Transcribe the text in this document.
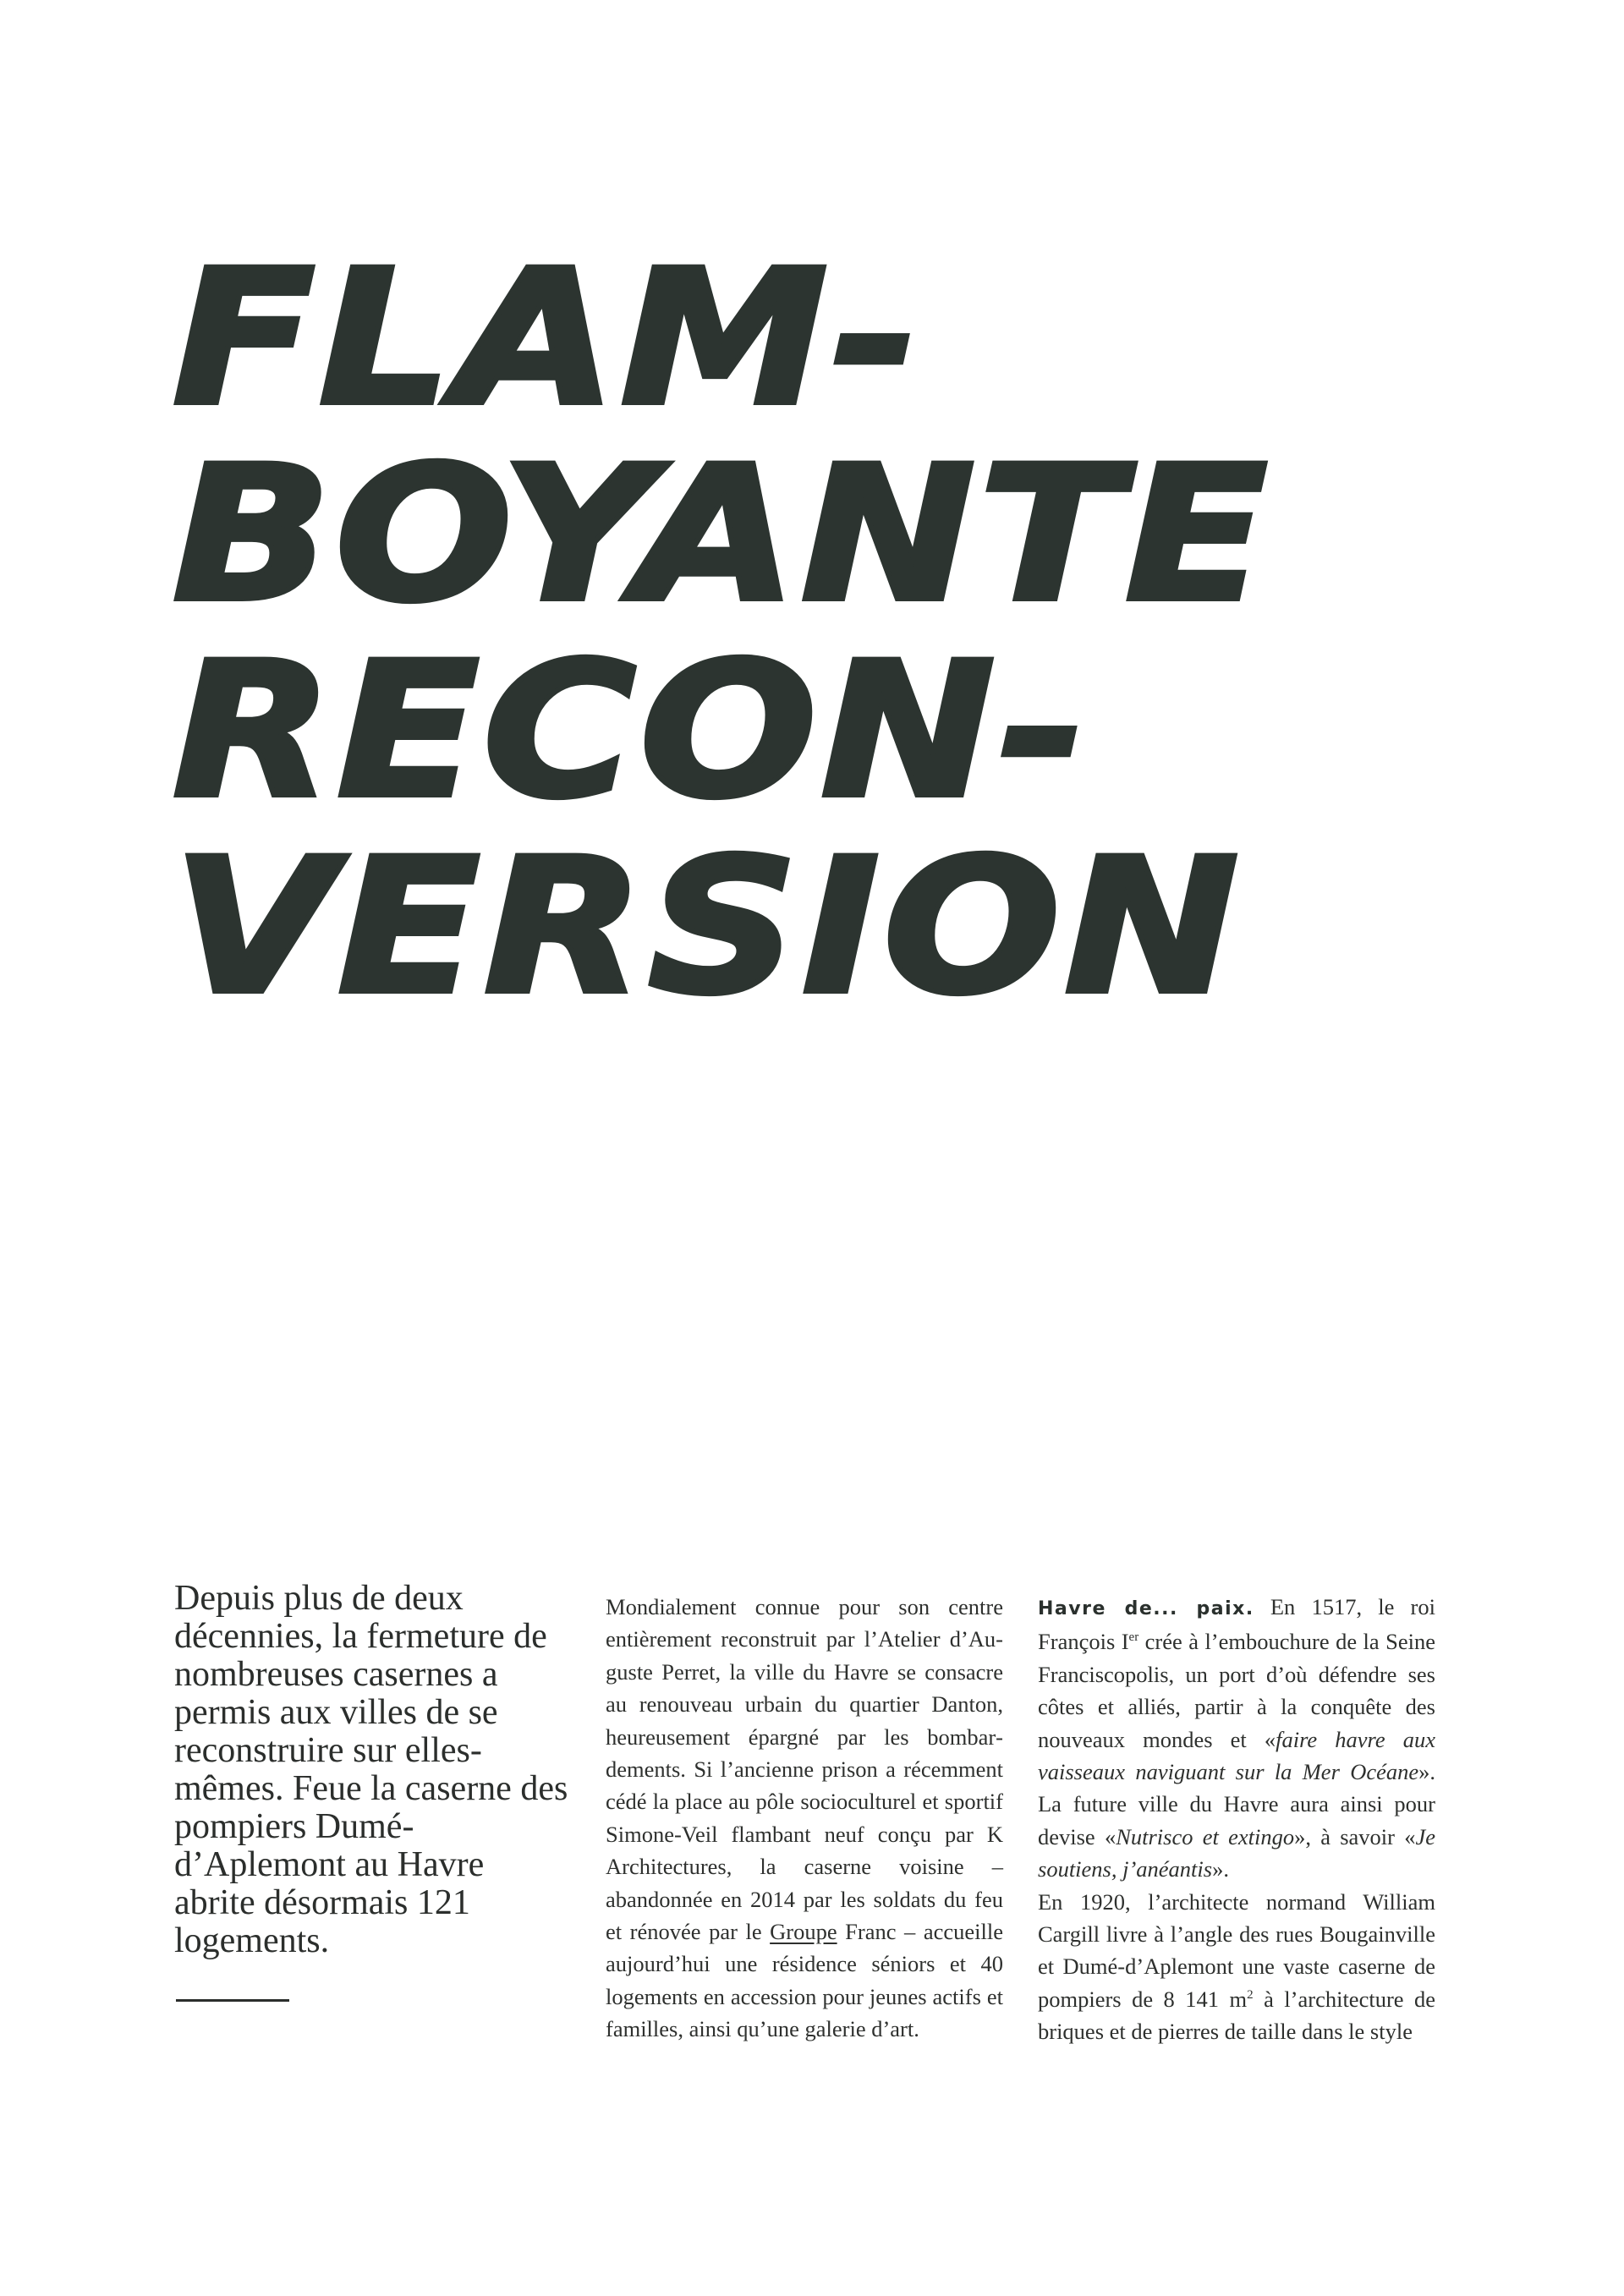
FLAM-
BOYANTE
RECON-
VERSION

Depuis plus de deux décennies, la fermeture de nombreuses casernes a permis aux villes de se reconstruire sur elles-mêmes. Feue la caserne des pompiers Dumé-d’Aplemont au Havre abrite désormais 121 logements.

Mondialement connue pour son centre entièrement reconstruit par l’Atelier d’Auguste Perret, la ville du Havre se consacre au renouveau urbain du quartier Danton, heureusement épargné par les bombardements. Si l’ancienne prison a récemment cédé la place au pôle socioculturel et sportif Simone-Veil flambant neuf conçu par K Architectures, la caserne voisine – abandonnée en 2014 par les soldats du feu et rénovée par le Groupe Franc – accueille aujourd’hui une résidence séniors et 40 logements en accession pour jeunes actifs et familles, ainsi qu’une galerie d’art.

Havre de... paix. En 1517, le roi François Ier crée à l’embouchure de la Seine Franciscopolis, un port d’où défendre ses côtes et alliés, partir à la conquête des nouveaux mondes et «faire havre aux vaisseaux naviguant sur la Mer Océane». La future ville du Havre aura ainsi pour devise «Nutrisco et extingo», à savoir «Je soutiens, j’anéantis».

En 1920, l’architecte normand William Cargill livre à l’angle des rues Bougainville et Dumé-d’Aplemont une vaste caserne de pompiers de 8 141 $m^2$ à l’architecture de briques et de pierres de taille dans le style
